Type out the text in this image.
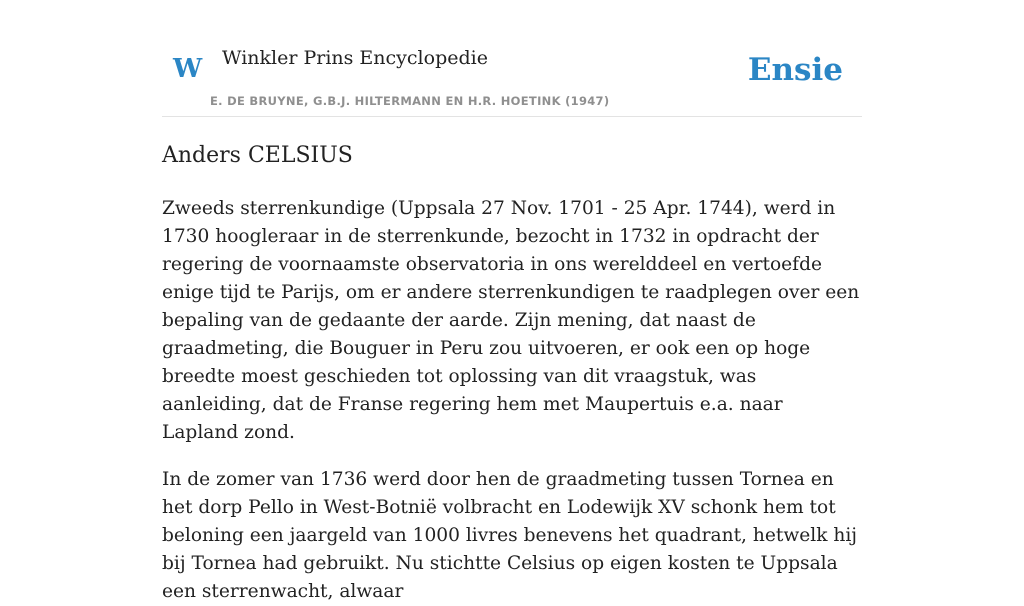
W Winkler Prins Encyclopedie
E. DE BRUYNE, G.B.J. HILTERMANN EN H.R. HOETINK (1947)
Ensie
Anders CELSIUS

Zweeds sterrenkundige (Uppsala 27 Nov. 1701 - 25 Apr. 1744), werd in 1730 hoogleraar in de sterrenkunde, bezocht in 1732 in opdracht der regering de voornaamste observatoria in ons werelddeel en vertoefde enige tijd te Parijs, om er andere sterrenkundigen te raadplegen over een bepaling van de gedaante der aarde. Zijn mening, dat naast de graadmeting, die Bouguer in Peru zou uitvoeren, er ook een op hoge breedte moest geschieden tot oplossing van dit vraagstuk, was aanleiding, dat de Franse regering hem met Maupertuis e.a. naar Lapland zond.

In de zomer van 1736 werd door hen de graadmeting tussen Tornea en het dorp Pello in West-Botnië volbracht en Lodewijk XV schonk hem tot beloning een jaargeld van 1000 livres benevens het quadrant, hetwelk hij bij Tornea had gebruikt. Nu stichtte Celsius op eigen kosten te Uppsala een sterrenwacht, alwaar
